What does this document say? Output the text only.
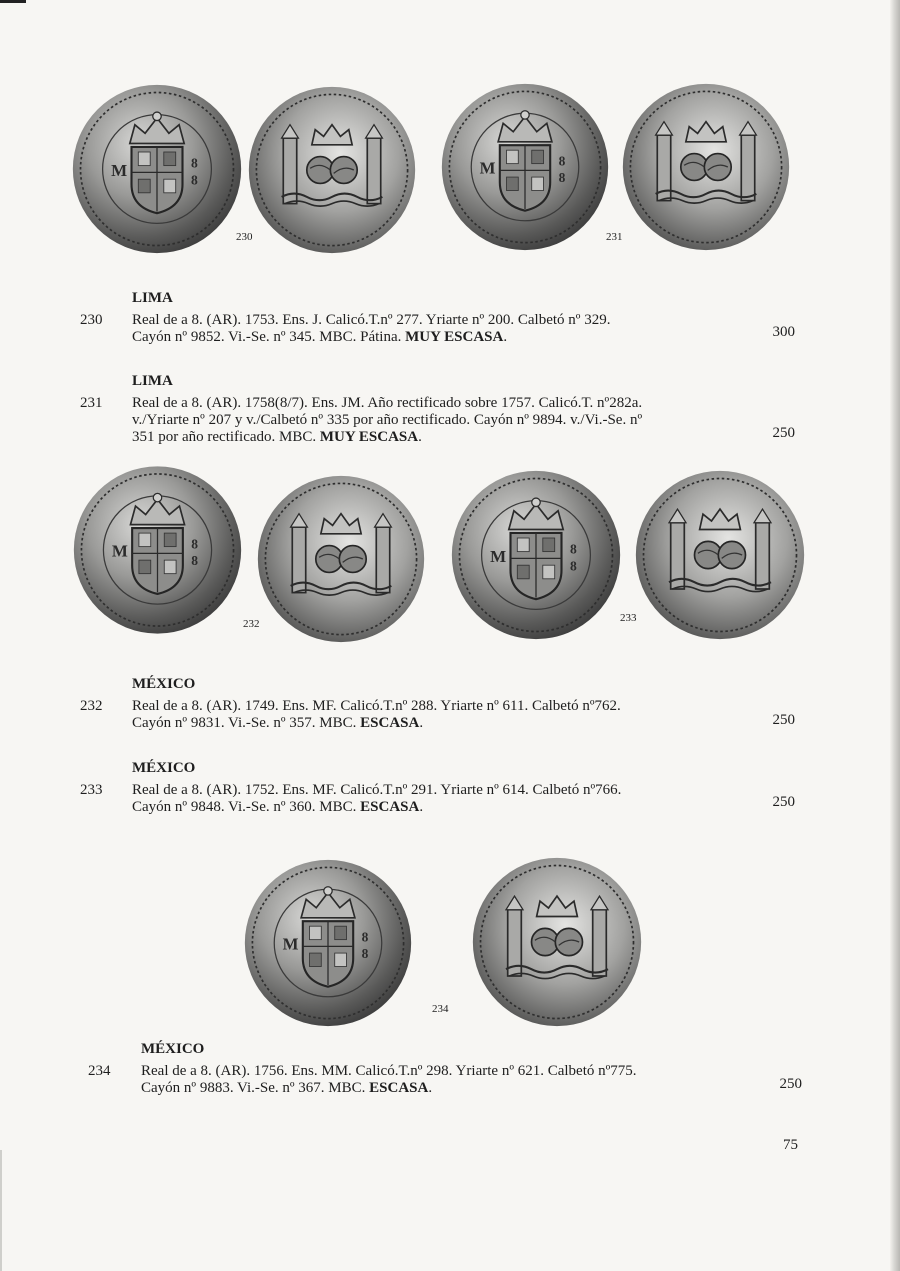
230	231
LIMA
230 Real de a 8. (AR). 1753. Ens. J. Calicó.T.nº 277. Yriarte nº 200. Calbetó nº 329.
Cayón nº 9852. Vi.-Se. nº 345. MBC. Pátina. MUY ESCASA.	300
LIMA
231 Real de a 8. (AR). 1758(8/7). Ens. JM. Año rectificado sobre 1757. Calicó.T. nº282a.
v./Yriarte nº 207 y v./Calbetó nº 335 por año rectificado. Cayón nº 9894. v./Vi.-Se. nº
351 por año rectificado. MBC. MUY ESCASA.	250
232	233
MÉXICO
232 Real de a 8. (AR). 1749. Ens. MF. Calicó.T.nº 288. Yriarte nº 611. Calbetó nº762.
Cayón nº 9831. Vi.-Se. nº 357. MBC. ESCASA.	250
MÉXICO
233 Real de a 8. (AR). 1752. Ens. MF. Calicó.T.nº 291. Yriarte nº 614. Calbetó nº766.
Cayón nº 9848. Vi.-Se. nº 360. MBC. ESCASA.	250
234
MÉXICO
234 Real de a 8. (AR). 1756. Ens. MM. Calicó.T.nº 298. Yriarte nº 621. Calbetó nº775.
Cayón nº 9883. Vi.-Se. nº 367. MBC. ESCASA.	250
75
